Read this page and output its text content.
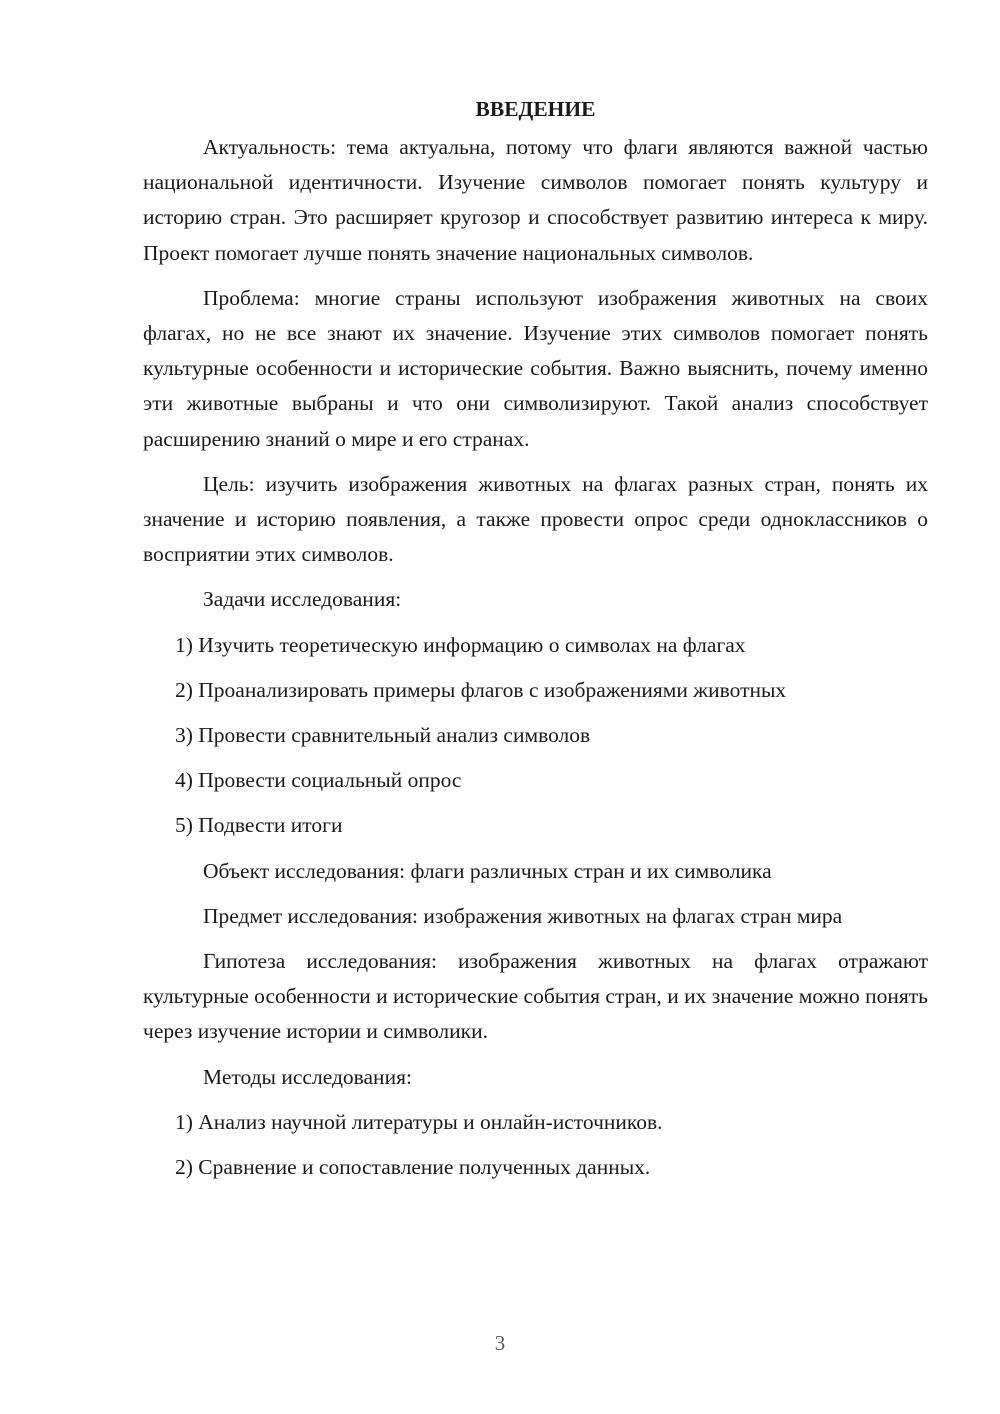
ВВЕДЕНИЕ

Актуальность: тема актуальна, потому что флаги являются важной частью национальной идентичности. Изучение символов помогает понять культуру и историю стран. Это расширяет кругозор и способствует развитию интереса к миру. Проект помогает лучше понять значение национальных символов.

Проблема: многие страны используют изображения животных на своих флагах, но не все знают их значение. Изучение этих символов помогает понять культурные особенности и исторические события. Важно выяснить, почему именно эти животные выбраны и что они символизируют. Такой анализ способствует расширению знаний о мире и его странах.

Цель: изучить изображения животных на флагах разных стран, понять их значение и историю появления, а также провести опрос среди одноклассников о восприятии этих символов.

Задачи исследования:

1) Изучить теоретическую информацию о символах на флагах

2) Проанализировать примеры флагов с изображениями животных

3) Провести сравнительный анализ символов

4) Провести социальный опрос

5) Подвести итоги

Объект исследования: флаги различных стран и их символика

Предмет исследования: изображения животных на флагах стран мира

Гипотеза исследования: изображения животных на флагах отражают культурные особенности и исторические события стран, и их значение можно понять через изучение истории и символики.

Методы исследования:

1) Анализ научной литературы и онлайн-источников.

2) Сравнение и сопоставление полученных данных.

3
